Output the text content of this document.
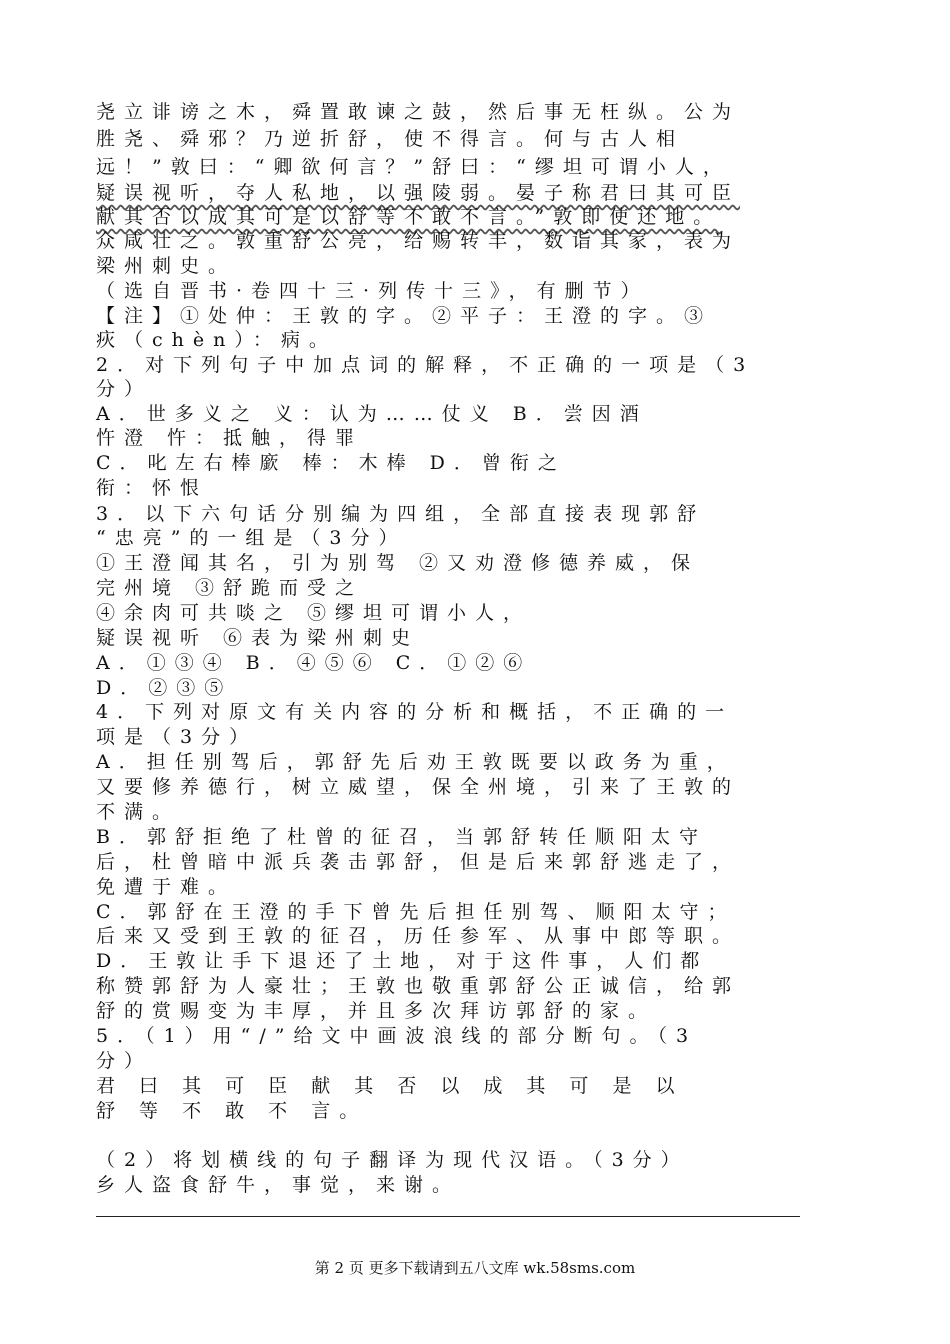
尧立诽谤之木，舜置敢谏之鼓，然后事无枉纵。公为
胜尧、舜邪？乃逆折舒，使不得言。何与古人相
远！”敦曰：“卿欲何言？”舒曰：“缪坦可谓小人，
疑误视听，夺人私地，以强陵弱。晏子称君曰其可臣
献其否以成其可是以舒等不敢不言。”敦即使还地。
众咸壮之。敦重舒公亮，给赐转丰，数诣其家，表为
梁州刺史。
（选自晋书·卷四十三·列传十三》，有删节）
【注】①处仲：王敦的字。②平子：王澄的字。③
疢（chèn）：病。
2．对下列句子中加点词的解释，不正确的一项是（3
分）
A．世多义之 义：认为……仗义 B．尝因酒
忤澄 忤：抵触，得罪
C．叱左右棒廞 棒：木棒 D．曾衔之
衔：怀恨
3．以下六句话分别编为四组，全部直接表现郭舒
“忠亮”的一组是（3分）
①王澄闻其名，引为别驾 ②又劝澄修德养威，保
完州境 ③舒跪而受之
④余肉可共啖之 ⑤缪坦可谓小人，
疑误视听 ⑥表为梁州刺史
A．①③④ B．④⑤⑥ C．①②⑥
D．②③⑤
4．下列对原文有关内容的分析和概括，不正确的一
项是（3分）
A．担任别驾后，郭舒先后劝王敦既要以政务为重，
又要修养德行，树立威望，保全州境，引来了王敦的
不满。
B．郭舒拒绝了杜曾的征召，当郭舒转任顺阳太守
后，杜曾暗中派兵袭击郭舒，但是后来郭舒逃走了，
免遭于难。
C．郭舒在王澄的手下曾先后担任别驾、顺阳太守；
后来又受到王敦的征召，历任参军、从事中郎等职。
D．王敦让手下退还了土地，对于这件事，人们都
称赞郭舒为人豪壮；王敦也敬重郭舒公正诚信，给郭
舒的赏赐变为丰厚，并且多次拜访郭舒的家。
5．（1）用“/”给文中画波浪线的部分断句。（3
分）
君 曰 其 可 臣 献 其 否 以 成 其 可 是 以
舒 等 不 敢 不 言。
（2）将划横线的句子翻译为现代汉语。（3分）
乡人盗食舒牛，事觉，来谢。
第 2 页 更多下载请到五八文库 wk.58sms.com
